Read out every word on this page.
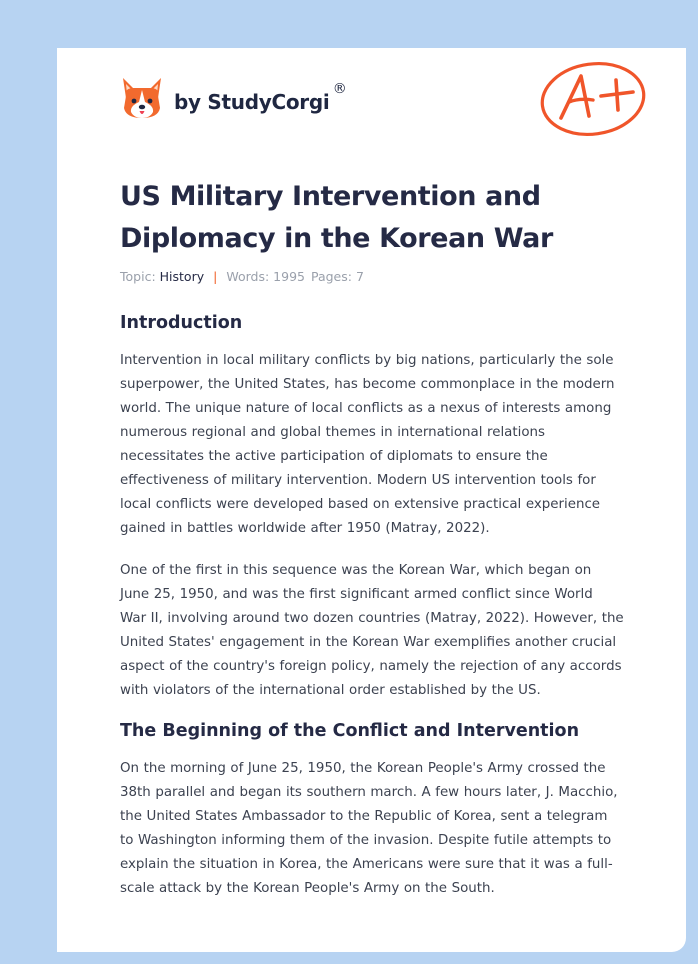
by StudyCorgi
®
US Military Intervention and Diplomacy in the Korean War
Topic: History | Words: 1995 Pages: 7
Introduction

Intervention in local military conflicts by big nations, particularly the sole
superpower, the United States, has become commonplace in the modern
world. The unique nature of local conflicts as a nexus of interests among
numerous regional and global themes in international relations
necessitates the active participation of diplomats to ensure the
effectiveness of military intervention. Modern US intervention tools for
local conflicts were developed based on extensive practical experience
gained in battles worldwide after 1950 (Matray, 2022).

One of the first in this sequence was the Korean War, which began on
June 25, 1950, and was the first significant armed conflict since World
War II, involving around two dozen countries (Matray, 2022). However, the
United States' engagement in the Korean War exemplifies another crucial
aspect of the country's foreign policy, namely the rejection of any accords
with violators of the international order established by the US.

The Beginning of the Conflict and Intervention

On the morning of June 25, 1950, the Korean People's Army crossed the
38th parallel and began its southern march. A few hours later, J. Macchio,
the United States Ambassador to the Republic of Korea, sent a telegram
to Washington informing them of the invasion. Despite futile attempts to
explain the situation in Korea, the Americans were sure that it was a full-
scale attack by the Korean People's Army on the South.
